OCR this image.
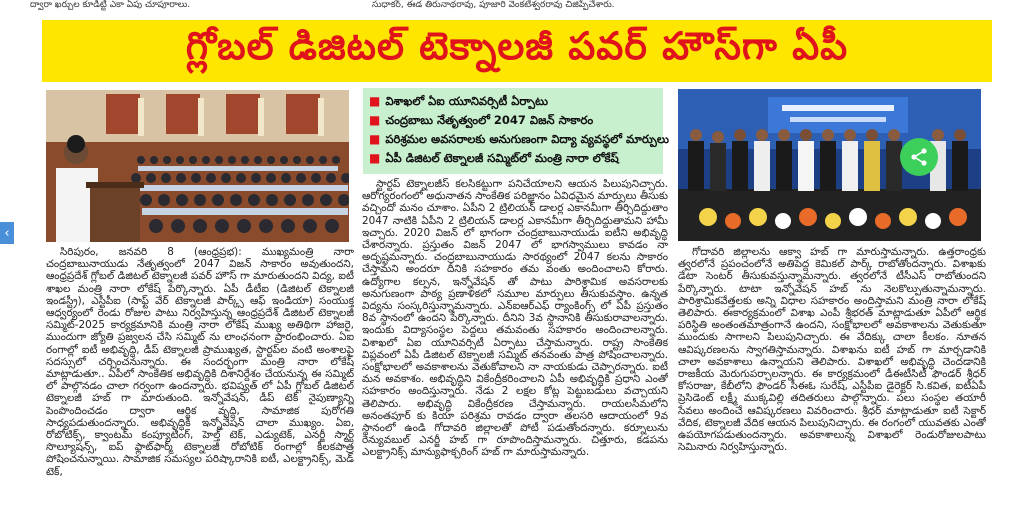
ద్వారా ఖర్చుల కూడిట్టి ఎకా ఏపు చూపూరాలు.	సుధాకర్, ఈడ తిరునాథరావు, పూజారి వెంకటేశ్వరరావు చిజిప్పేచేశారు.
గ్లోబల్ డిజిటల్ టెక్నాలజీ పవర్ హౌస్‌గా ఏపీ
■ విశాఖలో ఏఐ యూనివర్సిటీ ఏర్పాటు
■ చంద్రబాబు నేతృత్వంలో 2047 విజన్ సాకారం
■ పరిశ్రమల అవసరాలకు అనుగుణంగా విద్యా వ్యవస్థలో మార్పులు
■ ఏపీ డిజిటల్ టెక్నాలజీ సమ్మిట్‌లో మంత్రి నారా లోకేష్

సిరిపురం, జనవరి 8 (ఆంధ్రప్రభ): ముఖ్యమంత్రి నారా చంద్రబాబునాయుడు నేతృత్వంలో 2047 విజన్ సాకారం అవుతుందని, ఆంధ్రప్రదేశ్ గ్లోబల్ డిజిటల్ టెక్నాలజీ పవర్ హౌస్ గా మారుతుందని విద్య, ఐటీ శాఖల మంత్రి నారా లోకేష్ పేర్కొన్నారు. ఏపీ డీటీఐ (డిజిటల్ టెక్నాలజీ ఇండస్ట్రీ), ఎస్టీపీఐ (సాఫ్ట్ వేర్ టెక్నాలజీ పార్క్స్ ఆఫ్ ఇండియా) సంయుక్త ఆధ్వర్యంలో రెండు రోజుల పాటు నిర్వహిస్తున్న ఆంధ్రప్రదేశ్ డిజిటల్ టెక్నాలజీ సమ్మిట్-2025 కార్యక్రమానికి మంత్రి నారా లోకేష్ ముఖ్య అతిథిగా హాజరై, ముందుగా జ్యోతి ప్రజ్వలన చేసి సమ్మిట్ ను లాంఛనంగా ప్రారంభించారు. ఏఐ రంగాల్లో ఐటీ అభివృద్ధి, డీప్ టెక్నాలజీ ప్రాముఖ్యత, స్టార్టప్‌ల వంటి అంశాలపై సదస్సులో చర్చించనున్నారు. ఈ సందర్భంగా మంత్రి నారా లోకేష్ మాట్లాడుతూ.. ఏపీలో సాంకేతిక అభివృద్ధికి దిశానిర్దేశం చేయనున్న ఈ సమ్మిట్ లో పాల్గొనడం చాలా గర్వంగా ఉందన్నారు. భవిష్యత్ లో ఏపీ గ్లోబల్ డిజిటల్ టెక్నాలజీ హబ్ గా మారుతుంది. ఇన్నోవేషన్, డీప్ టెక్ నైపుణ్యాన్ని పెంపొందించడం ద్వారా ఆర్థిక వృద్ధి, సామాజిక పురోగతి సాధ్యపడుతుందన్నారు. అభివృద్ధికి ఇన్నోవేషన్ చాలా ముఖ్యం. ఏఐ, రోబోటిక్స్, క్వాంటమ్ కంప్యూటింగ్, హెల్త్ టెక్, ఎడ్యుటెక్, ఎనర్జీ స్మార్ట్ సొల్యూషన్స్, ఐప్ ఫ్లాట్‌ఫార్మ్ టెక్నాలజీ రోబోటిక్ రంగాల్లో కీలకపాత్ర పోషించనున్నాయి. సామాజిక సమస్యల పరిష్కారానికి ఐటీ, ఎలక్ట్రానిక్స్, మెడ్ టెక్,

స్టార్టప్ టెక్నాలజీస్ కలసికట్టుగా పనిచేయాలని ఆయన పిలుపునిచ్చారు. ఆరోగ్యరంగంలో అధునాతన సాంకేతిక పరిజ్ఞానం ఏవిధమైన మార్పులు తీసుకు వచ్చిందో మనం చూశాం. ఏపీని 2 ట్రిలియన్ డాలర్ల ఎకానమీగా తీర్చిదిద్దుతాం 2047 నాటికి ఏపీని 2 ట్రిలియన్ డాలర్ల ఎకానమీగా తీర్చిదిద్దుతామని హామీ ఇచ్చారు. 2020 విజన్ లో భాగంగా చంద్రబాబునాయుడు ఐటీని అభివృద్ధి చేశారన్నారు. ప్రస్తుతం విజన్ 2047 లో భాగస్వాములు కావడం నా అదృష్టమన్నారు. చంద్రబాబునాయుడు సారథ్యంలో 2047 కలను సాకారం చేస్తామని అందరూ దీనికి సహకారం తమ వంతు అందించాలని కోరారు. ఉద్యోగాల కల్పన, ఇన్నోవేషన్ తో పాటు పారిశ్రామిక అవసరాలకు అనుగుణంగా పాఠ్య ప్రణాళికలో సమూల మార్పులు తీసుకువస్తాం. ఉన్నత విద్యను సంస్కరిస్తున్నామన్నారు. ఎన్ఐఆర్ఎఫ్ ర్యాంకింగ్స్ లో ఏపీ ప్రస్తుతం 8వ స్థానంలో ఉందని పేర్కొన్నారు. దీనిని 3వ స్థానానికి తీసుకురావాలన్నారు. ఇందుకు విద్యాసంస్థల పెద్దలు తమవంతు సహకారం అందించాలన్నారు. విశాఖలో ఏఐ యూనివర్సిటీ ఏర్పాటు చేస్తామన్నారు. రాష్ట్ర సాంకేతిక విప్లవంలో ఏపీ డిజిటల్ టెక్నాలజీ సమ్మిట్ తనవంతు పాత్ర పోషించాలన్నారు. సంక్షోభాలలో అవకాశాలను వెతుకోవాలని నా నాయకుడు చెప్పారన్నారు. ఐటీ మన అవకాశం. అభివృద్ధిని వికేంద్రీకరించాలని ఏపీ అభివృద్ధికి ప్రధాని ఎంతో సహకారం అందిస్తున్నారు. నేడు 2 లక్షల కోట్ల పెట్టుబడులు వచ్చాయని తెలిపారు. అభివృద్ధి వికేంద్రీకరణ చేస్తామన్నారు. రాయలసీమలోని అనంతపూర్ కు కియా పరిశ్రమ రావడం ద్వారా తలసరి ఆదాయంలో 9వ స్థానంలో ఉండి గోదావరి జిల్లాలతో పోటీ పడుతోందన్నారు. కర్నూలును రెన్యువబుల్ ఎనర్జీ హబ్ గా రూపొందిస్తామన్నారు. చిత్తూరు, కడపను ఎలక్ట్రానిక్స్ మాన్యుఫాక్చరింగ్ హబ్ గా మారుస్తామన్నారు.

గోదావరి జిల్లాలను ఆక్వా హబ్ గా మారుస్తామన్నారు. ఉత్తరాంధ్రకు త్వరలోనే ప్రపంచంలోనే అతిపెద్ద కెమికల్ పార్క్ రాబోతోందన్నారు. విశాఖకు డేటా సెంటర్ తీసుకువస్తున్నామన్నారు. త్వరలోనే టీసీఎస్ రాబోతుందని పేర్కొన్నారు. టాటా ఇన్నోవేషన్ హబ్ ను నెలకొల్పుతున్నామన్నారు. పారిశ్రామికవేత్తలకు అన్ని విధాల సహకారం అందిస్తామని మంత్రి నారా లోకేష్ తెలిపారు. ఈకార్యక్రమంలో విశాఖ ఎంపీ శ్రీభరత్ మాట్లాడుతూ ఏపీలో ఆర్థిక పరిస్థితి అంతంతమాత్రంగానే ఉందని, సంక్షోభాలలో అవకాశాలను వెతుకుతూ ముందుకు సాగాలని పిలుపునిచ్చారు. ఈ వేదిక్కు చాలా కీలకం. నూతన ఆవిష్కరణలను స్వాగతిస్తామన్నారు. విశాఖను ఐటీ హబ్ గా మార్చడానికి చాలా అవకాశాలు ఉన్నాయని తెలిపారు. విశాఖలో అభివృద్ధి చెందడానికి రాజకీయ మెరుగుపర్చాలన్నారు. ఈ కార్యక్రమంలో డీఈటీసిటీ ఫౌండర్ శ్రీధర్ కోసరాజు, కేబీలోని ఫౌండర్ సీఈఓ సురేష్, ఎస్టీపీఐ డైరెక్టర్ సి.కవిత, ఐటీఏపీ ప్రెసిడెంట్ లక్ష్మీ ముక్కవిల్లి తదితరులు పాల్గొన్నారు. పలు సంస్థల తయారీ సేవలు అందించే ఆవిష్కరణలు వివరించారు. శ్రీధర్ మాట్లాడుతూ ఐటీ సెక్టార్ వేదిక, టెక్నాలజీ వేదిక ఆయన పిలుపునిచ్చారు. ఈ రంగంలో యువతకు ఎంతో ఉపయోగపడుతుందన్నారు. అవకాశాలున్న విశాఖలో రెండురోజులపాటు సెమినారు నిర్వహిస్తున్నారు.

‹
